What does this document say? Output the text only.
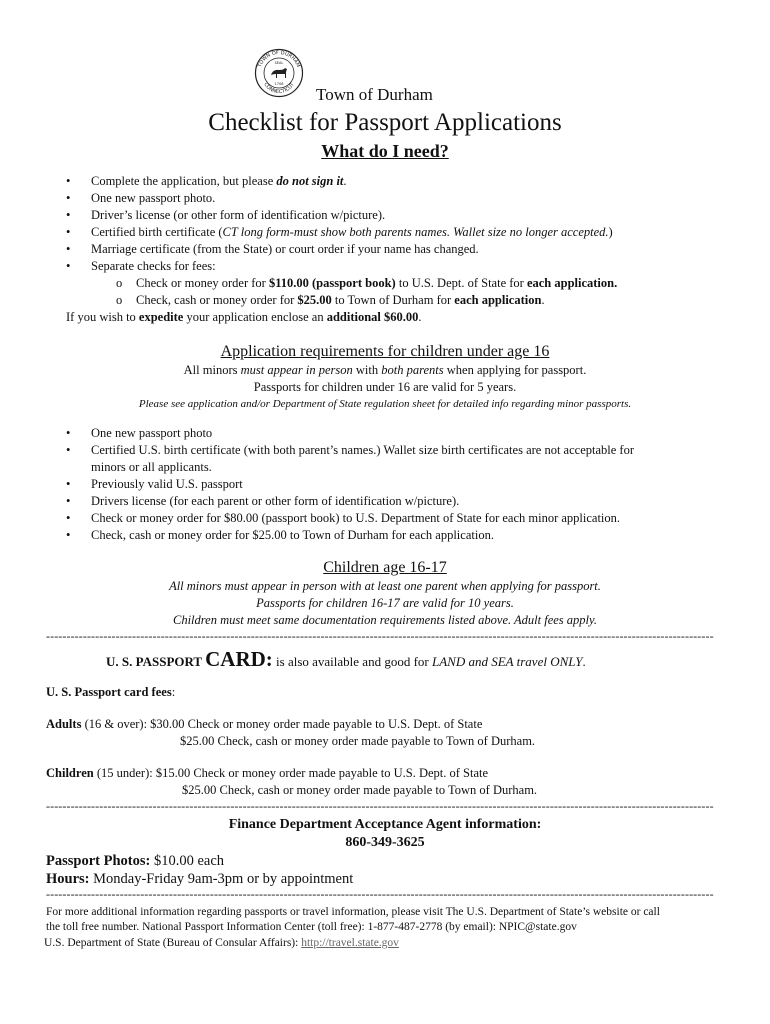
SEAL
1708
TOWN OF DURHAM
CONNECTICUT
Town of Durham
Checklist for Passport Applications
What do I need?
• Complete the application, but please do not sign it.
• One new passport photo.
• Driver’s license (or other form of identification w/picture).
• Certified birth certificate (CT long form-must show both parents names. Wallet size no longer accepted.)
• Marriage certificate (from the State) or court order if your name has changed.
• Separate checks for fees:
o Check or money order for $110.00 (passport book) to U.S. Dept. of State for each application.
o Check, cash or money order for $25.00 to Town of Durham for each application.
If you wish to expedite your application enclose an additional $60.00.
Application requirements for children under age 16
All minors must appear in person with both parents when applying for passport.
Passports for children under 16 are valid for 5 years.
Please see application and/or Department of State regulation sheet for detailed info regarding minor passports.
• One new passport photo
• Certified U.S. birth certificate (with both parent’s names.) Wallet size birth certificates are not acceptable for
minors or all applicants.
• Previously valid U.S. passport
• Drivers license (for each parent or other form of identification w/picture).
• Check or money order for $80.00 (passport book) to U.S. Department of State for each minor application.
• Check, cash or money order for $25.00 to Town of Durham for each application.
Children age 16-17
All minors must appear in person with at least one parent when applying for passport.
Passports for children 16-17 are valid for 10 years.
Children must meet same documentation requirements listed above. Adult fees apply.
-------------------------------------------------------------------------------------------------------------------------------------------------------------------
U. S. PASSPORT CARD: is also available and good for LAND and SEA travel ONLY.
U. S. Passport card fees:
Adults (16 & over): $30.00 Check or money order made payable to U.S. Dept. of State
$25.00 Check, cash or money order made payable to Town of Durham.
Children (15 under): $15.00 Check or money order made payable to U.S. Dept. of State
$25.00 Check, cash or money order made payable to Town of Durham.
-------------------------------------------------------------------------------------------------------------------------------------------------------------------
Finance Department Acceptance Agent information:
860-349-3625
Passport Photos: $10.00 each
Hours: Monday-Friday 9am-3pm or by appointment
-------------------------------------------------------------------------------------------------------------------------------------------------------------------
For more additional information regarding passports or travel information, please visit The U.S. Department of State’s website or call
the toll free number. National Passport Information Center (toll free): 1-877-487-2778 (by email): NPIC@state.gov
U.S. Department of State (Bureau of Consular Affairs): http://travel.state.gov
